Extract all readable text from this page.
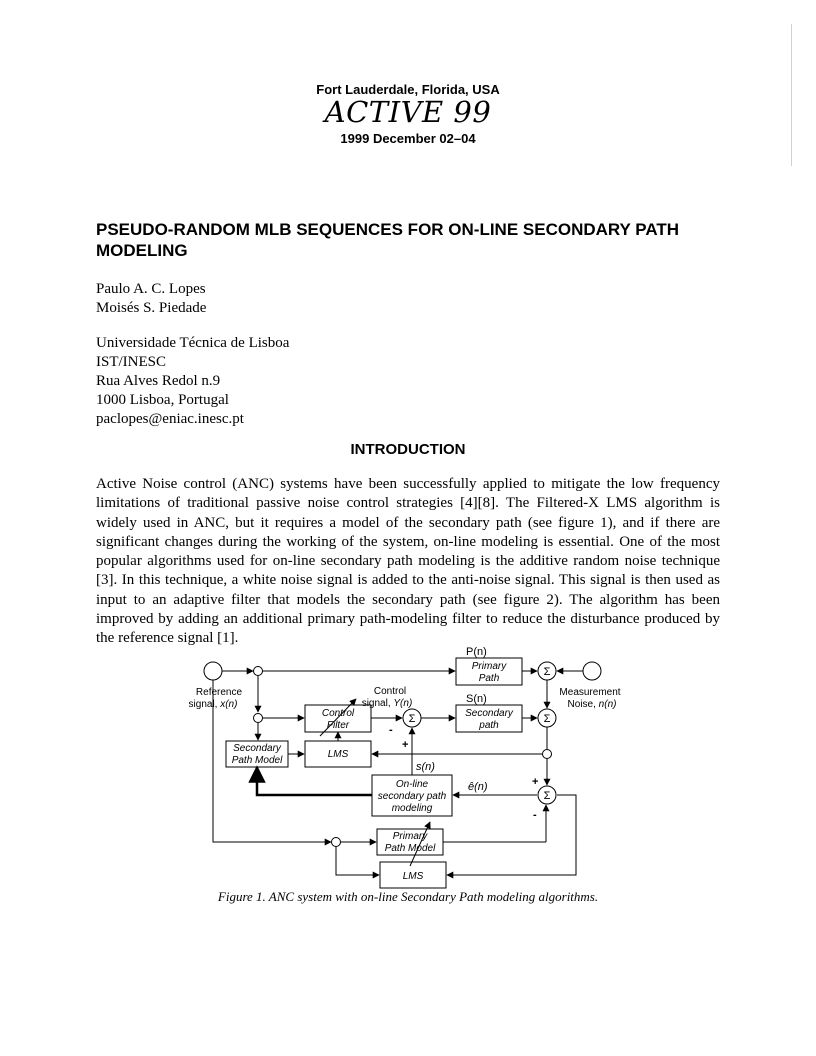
Fort Lauderdale, Florida, USA
ACTIVE 99
1999 December 02–04
PSEUDO-RANDOM MLB SEQUENCES FOR ON-LINE SECONDARY PATH MODELING
Paulo A. C. Lopes
Moisés S. Piedade
Universidade Técnica de Lisboa
IST/INESC
Rua Alves Redol n.9
1000 Lisboa, Portugal
paclopes@eniac.inesc.pt
INTRODUCTION
Active Noise control (ANC) systems have been successfully applied to mitigate the low frequency limitations of traditional passive noise control strategies [4][8]. The Filtered-X LMS algorithm is widely used in ANC, but it requires a model of the secondary path (see figure 1), and if there are significant changes during the working of the system, on-line modeling is essential. One of the most popular algorithms used for on-line secondary path modeling is the additive random noise technique [3]. In this technique, a white noise signal is added to the anti-noise signal. This signal is then used as input to an adaptive filter that models the secondary path (see figure 2). The algorithm has been improved by adding an additional primary path-modeling filter to reduce the disturbance produced by the reference signal [1].
Reference
signal, x(n)
Control
signal, Y(n)
Measurement
Noise, n(n)
P(n)
S(n)
s(n)
ê(n)
Primary
Path
Secondary
path
Control
Filter
Secondary
Path Model
LMS
On-line
secondary path
modeling
Primary
Path Model
LMS
Σ
Σ
Σ
Σ
+
-
+
-
Figure 1. ANC system with on-line Secondary Path modeling algorithms.
